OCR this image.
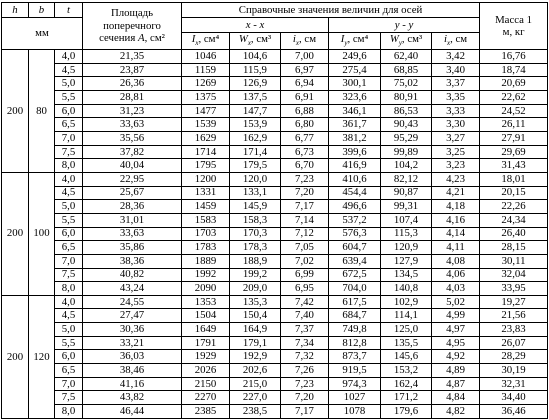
h	b	t	Площадь
поперечного
сечения A, см²	Справочные значения величин для осей						Масса 1
м, кг
мм				x - x			y - y			
				$I_x$, см⁴	$W_x$, см³	$i_x$, см	$I_y$, см⁴	$W_y$, см³	$i_x$, см	
200	80	4,0	21,35	1046	104,6	7,00	249,6	62,40	3,42	16,76
		4,5	23,87	1159	115,9	6,97	275,4	68,85	3,40	18,74
		5,0	26,36	1269	126,9	6,94	300,1	75,02	3,37	20,69
		5,5	28,81	1375	137,5	6,91	323,6	80,91	3,35	22,62
		6,0	31,23	1477	147,7	6,88	346,1	86,53	3,33	24,52
		6,5	33,63	1539	153,9	6,80	361,7	90,43	3,30	26,11
		7,0	35,56	1629	162,9	6,77	381,2	95,29	3,27	27,91
		7,5	37,82	1714	171,4	6,73	399,6	99,89	3,25	29,69
		8,0	40,04	1795	179,5	6,70	416,9	104,2	3,23	31,43
200	100	4,0	22,95	1200	120,0	7,23	410,6	82,12	4,23	18,01
		4,5	25,67	1331	133,1	7,20	454,4	90,87	4,21	20,15
		5,0	28,36	1459	145,9	7,17	496,6	99,31	4,18	22,26
		5,5	31,01	1583	158,3	7,14	537,2	107,4	4,16	24,34
		6,0	33,63	1703	170,3	7,12	576,3	115,3	4,14	26,40
		6,5	35,86	1783	178,3	7,05	604,7	120,9	4,11	28,15
		7,0	38,36	1889	188,9	7,02	639,4	127,9	4,08	30,11
		7,5	40,82	1992	199,2	6,99	672,5	134,5	4,06	32,04
		8,0	43,24	2090	209,0	6,95	704,0	140,8	4,03	33,95
200	120	4,0	24,55	1353	135,3	7,42	617,5	102,9	5,02	19,27
		4,5	27,47	1504	150,4	7,40	684,7	114,1	4,99	21,56
		5,0	30,36	1649	164,9	7,37	749,8	125,0	4,97	23,83
		5,5	33,21	1791	179,1	7,34	812,8	135,5	4,95	26,07
		6,0	36,03	1929	192,9	7,32	873,7	145,6	4,92	28,29
		6,5	38,46	2026	202,6	7,26	919,5	153,2	4,89	30,19
		7,0	41,16	2150	215,0	7,23	974,3	162,4	4,87	32,31
		7,5	43,82	2270	227,0	7,20	1027	171,2	4,84	34,40
		8,0	46,44	2385	238,5	7,17	1078	179,6	4,82	36,46
